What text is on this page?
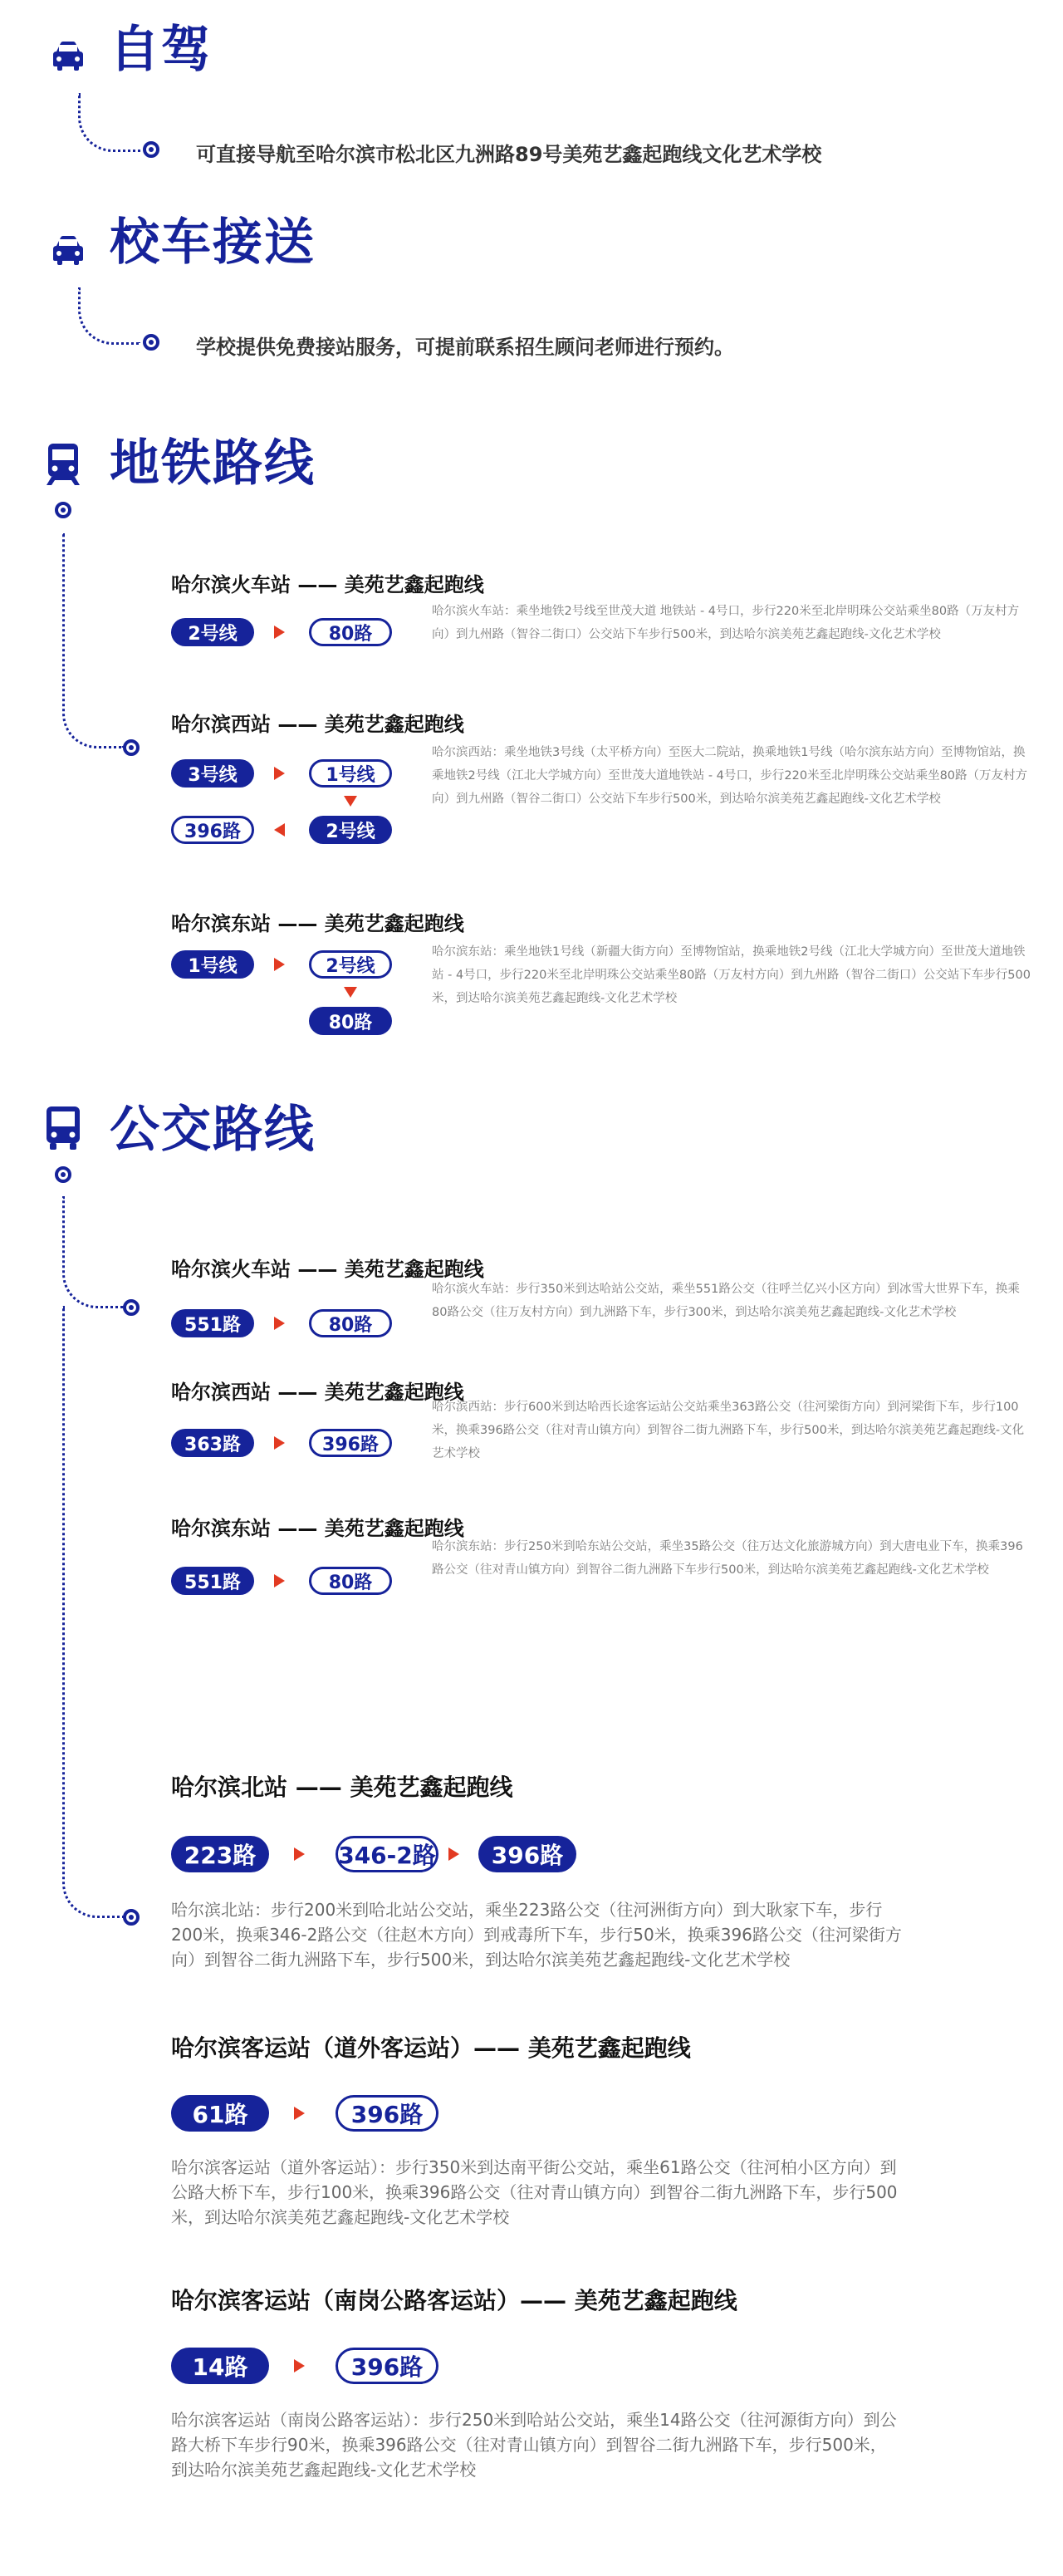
自驾
可直接导航至哈尔滨市松北区九洲路89号美苑艺鑫起跑线文化艺术学校
校车接送
学校提供免费接站服务，可提前联系招生顾问老师进行预约。
地铁路线
哈尔滨火车站 —— 美苑艺鑫起跑线
2号线	80路
哈尔滨火车站：乘坐地铁2号线至世茂大道 地铁站 - 4号口，步行220米至北岸明珠公交站乘坐80路（万友村方向）到九州路（智谷二街口）公交站下车步行500米，到达哈尔滨美苑艺鑫起跑线-文化艺术学校
哈尔滨西站 —— 美苑艺鑫起跑线
3号线	1号线
2号线
396路
哈尔滨西站：乘坐地铁3号线（太平桥方向）至医大二院站，换乘地铁1号线（哈尔滨东站方向）至博物馆站，换乘地铁2号线（江北大学城方向）至世茂大道地铁站 - 4号口，步行220米至北岸明珠公交站乘坐80路（万友村方向）到九州路（智谷二街口）公交站下车步行500米，到达哈尔滨美苑艺鑫起跑线-文化艺术学校
哈尔滨东站 —— 美苑艺鑫起跑线
1号线	2号线
80路
哈尔滨东站：乘坐地铁1号线（新疆大街方向）至博物馆站，换乘地铁2号线（江北大学城方向）至世茂大道地铁站 - 4号口，步行220米至北岸明珠公交站乘坐80路（万友村方向）到九州路（智谷二街口）公交站下车步行500米，到达哈尔滨美苑艺鑫起跑线-文化艺术学校
公交路线
哈尔滨火车站 —— 美苑艺鑫起跑线
551路	80路
哈尔滨火车站：步行350米到达哈站公交站，乘坐551路公交（往呼兰亿兴小区方向）到冰雪大世界下车，换乘80路公交（往万友村方向）到九洲路下车，步行300米，到达哈尔滨美苑艺鑫起跑线-文化艺术学校
哈尔滨西站 —— 美苑艺鑫起跑线
363路	396路
哈尔滨西站：步行600米到达哈西长途客运站公交站乘坐363路公交（往河梁街方向）到河梁街下车，步行100米，换乘396路公交（往对青山镇方向）到智谷二街九洲路下车，步行500米，到达哈尔滨美苑艺鑫起跑线-文化艺术学校
哈尔滨东站 —— 美苑艺鑫起跑线
551路	80路
哈尔滨东站：步行250米到哈东站公交站，乘坐35路公交（往万达文化旅游城方向）到大唐电业下车，换乘396路公交（往对青山镇方向）到智谷二街九洲路下车步行500米，到达哈尔滨美苑艺鑫起跑线-文化艺术学校
哈尔滨北站 —— 美苑艺鑫起跑线
223路	346-2路	396路
哈尔滨北站：步行200米到哈北站公交站，乘坐223路公交（往河洲街方向）到大耿家下车，步行200米，换乘346-2路公交（往赵木方向）到戒毒所下车，步行50米，换乘396路公交（往河梁街方向）到智谷二街九洲路下车，步行500米，到达哈尔滨美苑艺鑫起跑线-文化艺术学校
哈尔滨客运站（道外客运站）—— 美苑艺鑫起跑线
61路	396路
哈尔滨客运站（道外客运站）：步行350米到达南平街公交站，乘坐61路公交（往河柏小区方向）到公路大桥下车，步行100米，换乘396路公交（往对青山镇方向）到智谷二街九洲路下车，步行500米，到达哈尔滨美苑艺鑫起跑线-文化艺术学校
哈尔滨客运站（南岗公路客运站）—— 美苑艺鑫起跑线
14路	396路
哈尔滨客运站（南岗公路客运站）：步行250米到哈站公交站，乘坐14路公交（往河源街方向）到公路大桥下车步行90米，换乘396路公交（往对青山镇方向）到智谷二街九洲路下车，步行500米，到达哈尔滨美苑艺鑫起跑线-文化艺术学校
